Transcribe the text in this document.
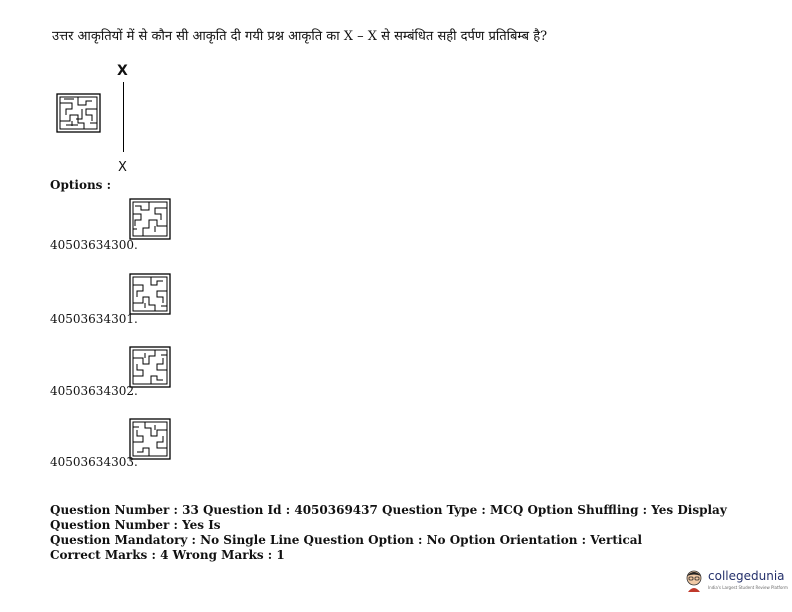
उत्तर आकृतियों में से कौन सी आकृति दी गयी प्रश्न आकृति का X – X से सम्बंधित सही दर्पण प्रतिबिम्ब है?
X
X
Options :
40503634300.
40503634301.
40503634302.
40503634303.
Question Number : 33 Question Id : 4050369437 Question Type : MCQ Option Shuffling : Yes Display Question Number : Yes Is
Question Mandatory : No Single Line Question Option : No Option Orientation : Vertical
Correct Marks : 4 Wrong Marks : 1
collegedunia
India's Largest Student Review Platform
